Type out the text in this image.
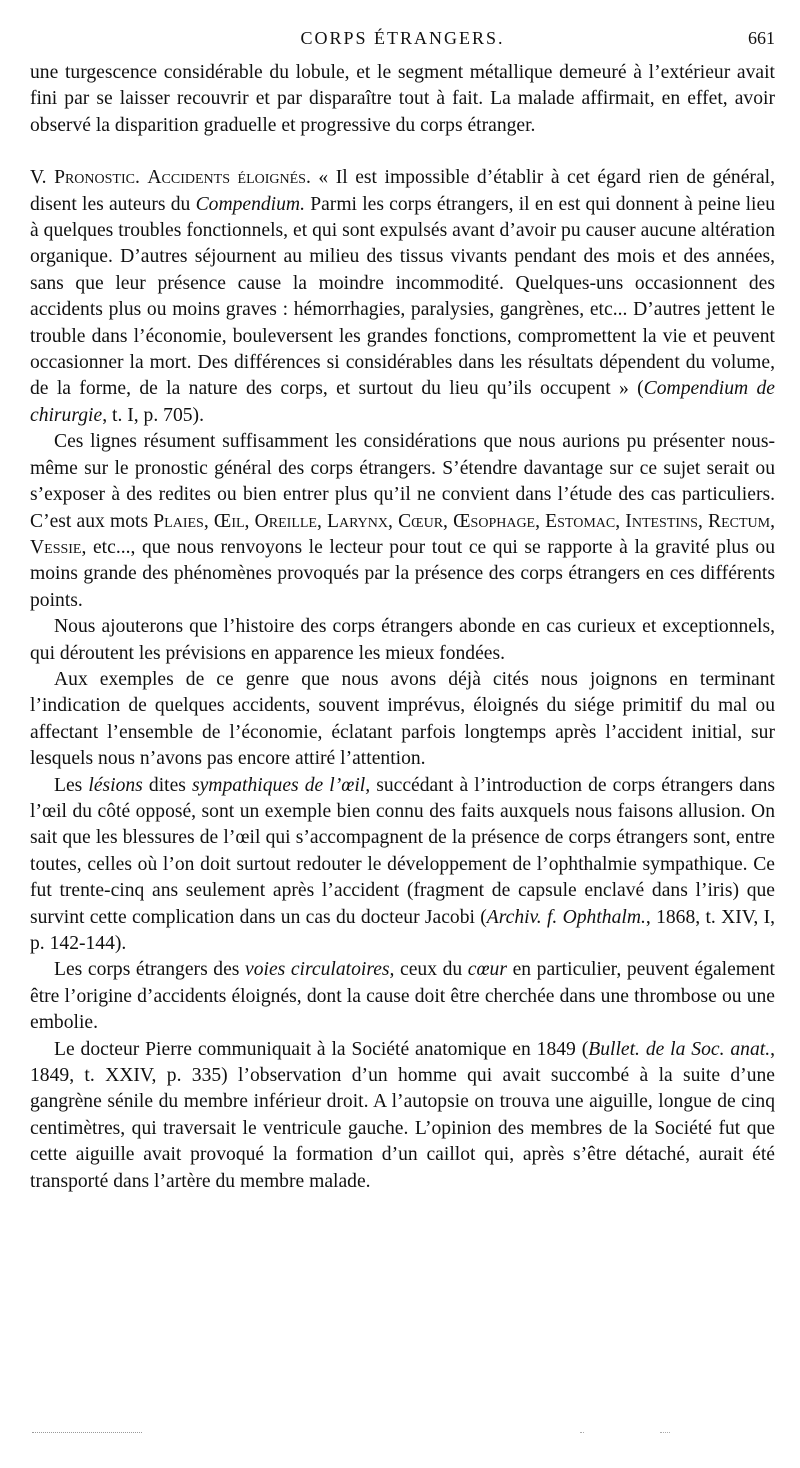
CORPS ÉTRANGERS.	661

une turgescence considérable du lobule, et le segment métallique demeuré à l’extérieur avait fini par se laisser recouvrir et par disparaître tout à fait. La malade affirmait, en effet, avoir observé la disparition graduelle et progressive du corps étranger.

V. Pronostic. Accidents éloignés. « Il est impossible d’établir à cet égard rien de général, disent les auteurs du Compendium. Parmi les corps étrangers, il en est qui donnent à peine lieu à quelques troubles fonctionnels, et qui sont expulsés avant d’avoir pu causer aucune altération organique. D’autres séjournent au milieu des tissus vivants pendant des mois et des années, sans que leur présence cause la moindre incommodité. Quelques-uns occasionnent des accidents plus ou moins graves : hémorrhagies, paralysies, gangrènes, etc... D’autres jettent le trouble dans l’économie, bouleversent les grandes fonctions, compromettent la vie et peuvent occasionner la mort. Des différences si considérables dans les résultats dépendent du volume, de la forme, de la nature des corps, et surtout du lieu qu’ils occupent » (Compendium de chirurgie, t. I, p. 705).

Ces lignes résument suffisamment les considérations que nous aurions pu présenter nous-même sur le pronostic général des corps étrangers. S’étendre davantage sur ce sujet serait ou s’exposer à des redites ou bien entrer plus qu’il ne convient dans l’étude des cas particuliers. C’est aux mots Plaies, Œil, Oreille, Larynx, Cœur, Œsophage, Estomac, Intestins, Rectum, Vessie, etc..., que nous renvoyons le lecteur pour tout ce qui se rapporte à la gravité plus ou moins grande des phénomènes provoqués par la présence des corps étrangers en ces différents points.

Nous ajouterons que l’histoire des corps étrangers abonde en cas curieux et exceptionnels, qui déroutent les prévisions en apparence les mieux fondées.

Aux exemples de ce genre que nous avons déjà cités nous joignons en terminant l’indication de quelques accidents, souvent imprévus, éloignés du siége primitif du mal ou affectant l’ensemble de l’économie, éclatant parfois longtemps après l’accident initial, sur lesquels nous n’avons pas encore attiré l’attention.

Les lésions dites sympathiques de l’œil, succédant à l’introduction de corps étrangers dans l’œil du côté opposé, sont un exemple bien connu des faits auxquels nous faisons allusion. On sait que les blessures de l’œil qui s’accompagnent de la présence de corps étrangers sont, entre toutes, celles où l’on doit surtout redouter le développement de l’ophthalmie sympathique. Ce fut trente-cinq ans seulement après l’accident (fragment de capsule enclavé dans l’iris) que survint cette complication dans un cas du docteur Jacobi (Archiv. f. Ophthalm., 1868, t. XIV, I, p. 142-144).

Les corps étrangers des voies circulatoires, ceux du cœur en particulier, peuvent également être l’origine d’accidents éloignés, dont la cause doit être cherchée dans une thrombose ou une embolie.

Le docteur Pierre communiquait à la Société anatomique en 1849 (Bullet. de la Soc. anat., 1849, t. XXIV, p. 335) l’observation d’un homme qui avait succombé à la suite d’une gangrène sénile du membre inférieur droit. A l’autopsie on trouva une aiguille, longue de cinq centimètres, qui traversait le ventricule gauche. L’opinion des membres de la Société fut que cette aiguille avait provoqué la formation d’un caillot qui, après s’être détaché, aurait été transporté dans l’artère du membre malade.
